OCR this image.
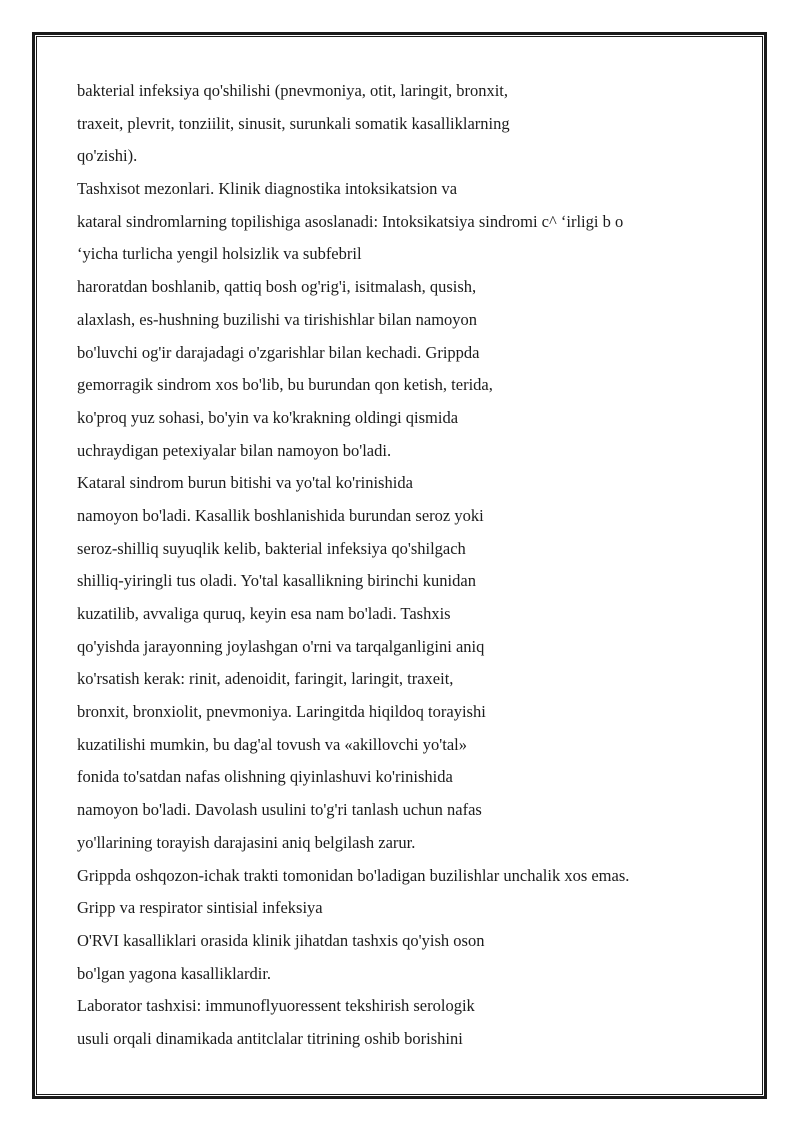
bakterial infeksiya qo'shilishi (pnevmoniya, otit, laringit, bronxit,
traxeit, plevrit, tonziilit, sinusit, surunkali somatik kasalliklarning
qo'zishi).
Tashxisot mezonlari. Klinik diagnostika intoksikatsion va
kataral sindromlarning topilishiga asoslanadi: Intoksikatsiya sindromi c^ ‘irligi b o
‘yicha turlicha yengil holsizlik va subfebril
haroratdan boshlanib, qattiq bosh og'rig'i, isitmalash, qusish,
alaxlash, es-hushning buzilishi va tirishishlar bilan namoyon
bo'luvchi og'ir darajadagi o'zgarishlar bilan kechadi. Grippda
gemorragik sindrom xos bo'lib, bu burundan qon ketish, terida,
ko'proq yuz sohasi, bo'yin va ko'krakning oldingi qismida
uchraydigan petexiyalar bilan namoyon bo'ladi.
Kataral sindrom burun bitishi va yo'tal ko'rinishida
namoyon bo'ladi. Kasallik boshlanishida burundan seroz yoki
seroz-shilliq suyuqlik kelib, bakterial infeksiya qo'shilgach
shilliq-yiringli tus oladi. Yo'tal kasallikning birinchi kunidan
kuzatilib, avvaliga quruq, keyin esa nam bo'ladi. Tashxis
qo'yishda jarayonning joylashgan o'rni va tarqalganligini aniq
ko'rsatish kerak: rinit, adenoidit, faringit, laringit, traxeit,
bronxit, bronxiolit, pnevmoniya. Laringitda hiqildoq torayishi
kuzatilishi mumkin, bu dag'al tovush va «akillovchi yo'tal»
fonida to'satdan nafas olishning qiyinlashuvi ko'rinishida
namoyon bo'ladi. Davolash usulini to'g'ri tanlash uchun nafas
yo'llarining torayish darajasini aniq belgilash zarur.
Grippda oshqozon-ichak trakti tomonidan bo'ladigan buzilishlar unchalik xos emas.
Gripp va respirator sintisial infeksiya
O'RVI kasalliklari orasida klinik jihatdan tashxis qo'yish oson
bo'lgan yagona kasalliklardir.
Laborator tashxisi: immunoflyuoressent tekshirish serologik
usuli orqali dinamikada antitclalar titrining oshib borishini
